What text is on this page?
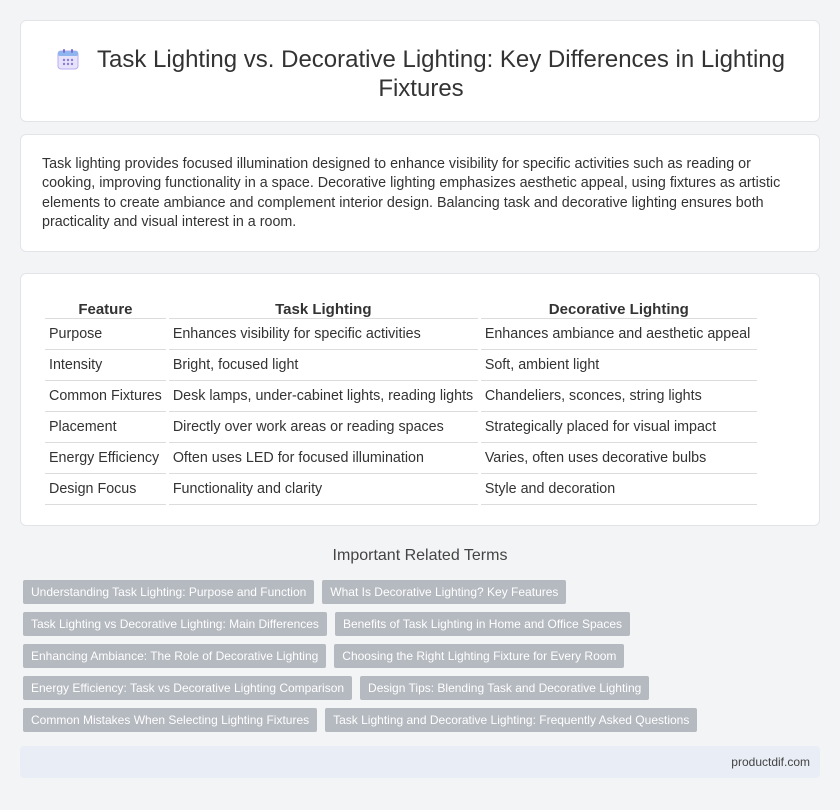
Task Lighting vs. Decorative Lighting: Key Differences in Lighting Fixtures

Task lighting provides focused illumination designed to enhance visibility for specific activities such as reading or cooking, improving functionality in a space. Decorative lighting emphasizes aesthetic appeal, using fixtures as artistic elements to create ambiance and complement interior design. Balancing task and decorative lighting ensures both practicality and visual interest in a room.

Feature	Task Lighting	Decorative Lighting
Purpose	Enhances visibility for specific activities	Enhances ambiance and aesthetic appeal
Intensity	Bright, focused light	Soft, ambient light
Common Fixtures	Desk lamps, under-cabinet lights, reading lights	Chandeliers, sconces, string lights
Placement	Directly over work areas or reading spaces	Strategically placed for visual impact
Energy Efficiency	Often uses LED for focused illumination	Varies, often uses decorative bulbs
Design Focus	Functionality and clarity	Style and decoration
Important Related Terms
Understanding Task Lighting: Purpose and Function	What Is Decorative Lighting? Key Features
Task Lighting vs Decorative Lighting: Main Differences	Benefits of Task Lighting in Home and Office Spaces
Enhancing Ambiance: The Role of Decorative Lighting	Choosing the Right Lighting Fixture for Every Room
Energy Efficiency: Task vs Decorative Lighting Comparison	Design Tips: Blending Task and Decorative Lighting
Common Mistakes When Selecting Lighting Fixtures	Task Lighting and Decorative Lighting: Frequently Asked Questions
productdif.com
